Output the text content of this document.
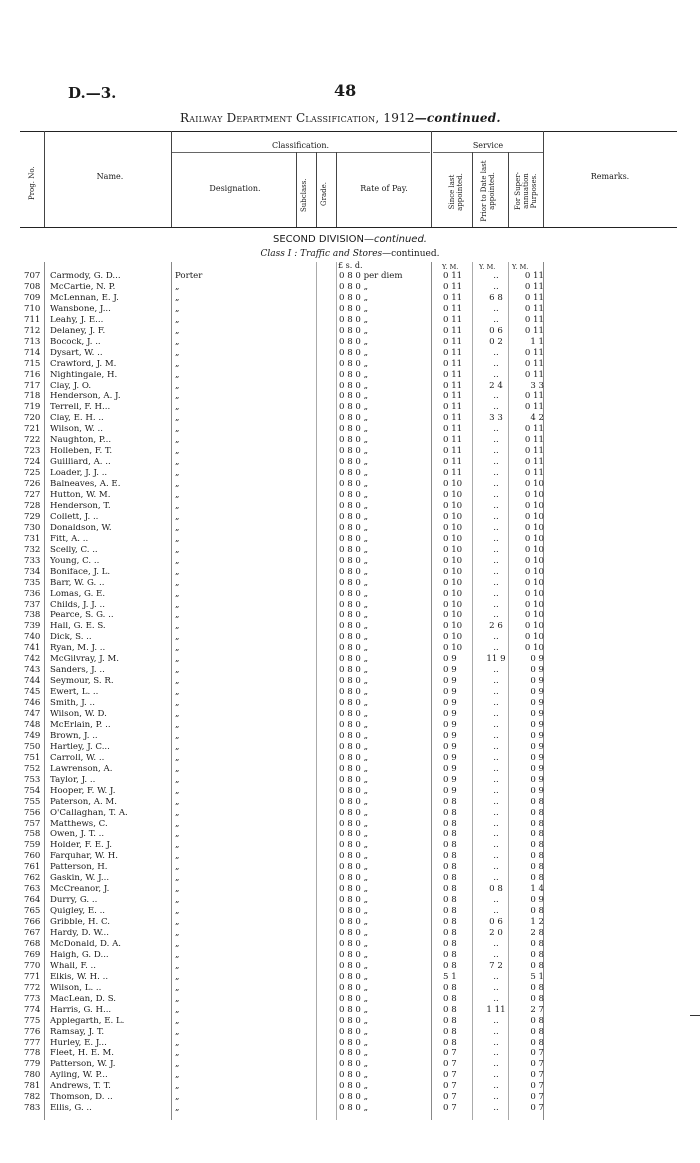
D.—3.	48
Railway Department Classification, 1912—continued.
Prog. No.	Name.
Classification.
Designation.	Subclass. Grade.	Rate of Pay.
Service
Since last appointed. Prior to Date last appointed.	For Super-annuation Purposes.	Remarks.
SECOND DIVISION—continued.
Class I : Traffic and Stores—continued.
£ s. d.	Y. M.	Y. M.	Y. M.
707	Carmody, G. D...	Porter	0 8 0 per diem	0 11	..	0 11
708	McCartie, N. P.	„	0 8 0 „	0 11	..	0 11
709	McLennan, E. J.	„	0 8 0 „	0 11	6 8	0 11
710	Wansbone, J...	„	0 8 0 „	0 11	..	0 11
711	Leahy, J. E...	„	0 8 0 „	0 11	..	0 11
712	Delaney, J. F.	„	0 8 0 „	0 11	0 6	0 11
713	Bocock, J. ..	„	0 8 0 „	0 11	0 2	1 1
714	Dysart, W. ..	„	0 8 0 „	0 11	..	0 11
715	Crawford, J. M.	„	0 8 0 „	0 11	..	0 11
716	Nightingale, H.	„	0 8 0 „	0 11	..	0 11
717	Clay, J. O.	„	0 8 0 „	0 11	2 4	3 3
718	Henderson, A. J.	„	0 8 0 „	0 11	..	0 11
719	Terrell, F. H...	„	0 8 0 „	0 11	..	0 11
720	Clay, E. H. ..	„	0 8 0 „	0 11	3 3	4 2
721	Wilson, W. ..	„	0 8 0 „	0 11	..	0 11
722	Naughton, P...	„	0 8 0 „	0 11	..	0 11
723	Holleben, F. T.	„	0 8 0 „	0 11	..	0 11
724	Guilliard, A. ..	„	0 8 0 „	0 11	..	0 11
725	Loader, J. J. ..	„	0 8 0 „	0 11	..	0 11
726	Balneaves, A. E.	„	0 8 0 „	0 10	..	0 10
727	Hutton, W. M.	„	0 8 0 „	0 10	..	0 10
728	Henderson, T.	„	0 8 0 „	0 10	..	0 10
729	Collett, J. ..	„	0 8 0 „	0 10	..	0 10
730	Donaldson, W.	„	0 8 0 „	0 10	..	0 10
731	Fitt, A. ..	„	0 8 0 „	0 10	..	0 10
732	Scelly, C. ..	„	0 8 0 „	0 10	..	0 10
733	Young, C. ..	„	0 8 0 „	0 10	..	0 10
734	Boniface, J. L.	„	0 8 0 „	0 10	..	0 10
735	Barr, W. G. ..	„	0 8 0 „	0 10	..	0 10
736	Lomas, G. E.	„	0 8 0 „	0 10	..	0 10
737	Childs, J. J. ..	„	0 8 0 „	0 10	..	0 10
738	Pearce, S. G. ..	„	0 8 0 „	0 10	..	0 10
739	Hall, G. E. S.	„	0 8 0 „	0 10	2 6	0 10
740	Dick, S. ..	„	0 8 0 „	0 10	..	0 10
741	Ryan, M. J. ..	„	0 8 0 „	0 10	..	0 10
742	McGilvray, J. M.	„	0 8 0 „	0 9	11 9	0 9
743	Sanders, J. ..	„	0 8 0 „	0 9	..	0 9
744	Seymour, S. R.	„	0 8 0 „	0 9	..	0 9
745	Ewert, L. ..	„	0 8 0 „	0 9	..	0 9
746	Smith, J. ..	„	0 8 0 „	0 9	..	0 9
747	Wilson, W. D.	„	0 8 0 „	0 9	..	0 9
748	McErlain, P. ..	„	0 8 0 „	0 9	..	0 9
749	Brown, J. ..	„	0 8 0 „	0 9	..	0 9
750	Hartley, J. C...	„	0 8 0 „	0 9	..	0 9
751	Carroll, W. ..	„	0 8 0 „	0 9	..	0 9
752	Lawrenson, A.	„	0 8 0 „	0 9	..	0 9
753	Taylor, J. ..	„	0 8 0 „	0 9	..	0 9
754	Hooper, F. W. J.	„	0 8 0 „	0 9	..	0 9
755	Paterson, A. M.	„	0 8 0 „	0 8	..	0 8
756	O'Callaghan, T. A.	„	0 8 0 „	0 8	..	0 8
757	Matthews, C.	„	0 8 0 „	0 8	..	0 8
758	Owen, J. T. ..	„	0 8 0 „	0 8	..	0 8
759	Holder, F. E. J.	„	0 8 0 „	0 8	..	0 8
760	Farquhar, W. H.	„	0 8 0 „	0 8	..	0 8
761	Patterson, H.	„	0 8 0 „	0 8	..	0 8
762	Gaskin, W. J...	„	0 8 0 „	0 8	..	0 8
763	McCreanor, J.	„	0 8 0 „	0 8	0 8	1 4
764	Durry, G. ..	„	0 8 0 „	0 8	..	0 9
765	Quigley, E. ..	„	0 8 0 „	0 8	..	0 8
766	Gribble, H. C.	„	0 8 0 „	0 8	0 6	1 2
767	Hardy, D. W...	„	0 8 0 „	0 8	2 0	2 8
768	McDonald, D. A.	„	0 8 0 „	0 8	..	0 8
769	Haigh, G. D...	„	0 8 0 „	0 8	..	0 8
770	Whall, F. ..	„	0 8 0 „	0 8	7 2	0 8
771	Elkis, W. H. ..	„	0 8 0 „	5 1	..	5 1
772	Wilson, L. ..	„	0 8 0 „	0 8	..	0 8
773	MacLean, D. S.	„	0 8 0 „	0 8	..	0 8
774	Harris, G. H...	„	0 8 0 „	0 8	1 11	2 7
775	Applegarth, E. L.	„	0 8 0 „	0 8	..	0 8
776	Ramsay, J. T.	„	0 8 0 „	0 8	..	0 8
777	Hurley, E. J...	„	0 8 0 „	0 8	..	0 8
778	Fleet, H. E. M.	„	0 8 0 „	0 7	..	0 7
779	Patterson, W. J.	„	0 8 0 „	0 7	..	0 7
780	Ayling, W. P...	„	0 8 0 „	0 7	..	0 7
781	Andrews, T. T.	„	0 8 0 „	0 7	..	0 7
782	Thomson, D. ..	„	0 8 0 „	0 7	..	0 7
783	Ellis, G. ..	„	0 8 0 „	0 7	..	0 7
